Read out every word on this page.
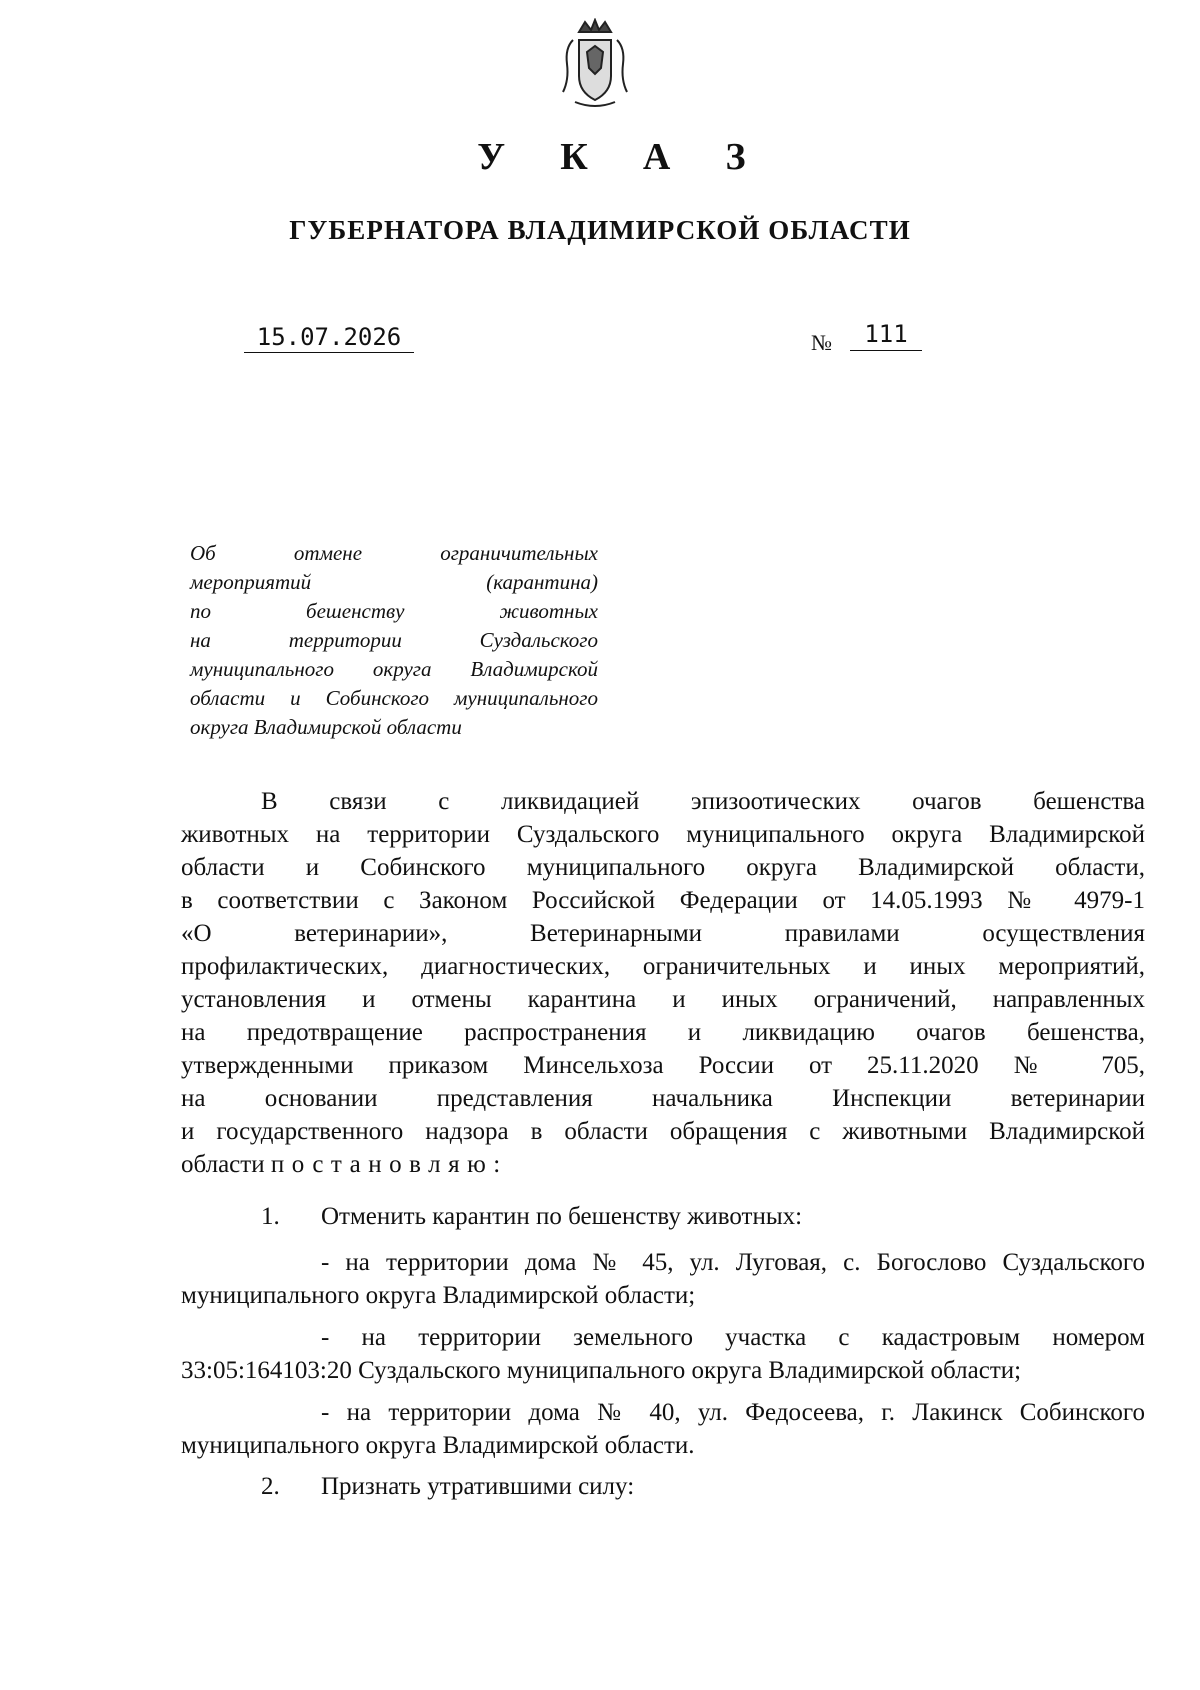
У К А З
ГУБЕРНАТОРА ВЛАДИМИРСКОЙ ОБЛАСТИ
15.07.2026	№	111
Об отмене ограничительных
мероприятий (карантина)
по бешенству животных
на территории Суздальского
муниципального округа Владимирской
области и Собинского муниципального
округа Владимирской области
В связи с ликвидацией эпизоотических очагов бешенства
животных на территории Суздальского муниципального округа Владимирской
области и Собинского муниципального округа Владимирской области,
в соответствии с Законом Российской Федерации от 14.05.1993 № 4979-1
«О ветеринарии», Ветеринарными правилами осуществления
профилактических, диагностических, ограничительных и иных мероприятий,
установления и отмены карантина и иных ограничений, направленных
на предотвращение распространения и ликвидацию очагов бешенства,
утвержденными приказом Минсельхоза России от 25.11.2020 № 705,
на основании представления начальника Инспекции ветеринарии
и государственного надзора в области обращения с животными Владимирской
области постановляю:
1. Отменить карантин по бешенству животных:
- на территории дома № 45, ул. Луговая, с. Богослово Суздальского
муниципального округа Владимирской области;
- на территории земельного участка с кадастровым номером
33:05:164103:20 Суздальского муниципального округа Владимирской области;
- на территории дома № 40, ул. Федосеева, г. Лакинск Собинского
муниципального округа Владимирской области.
2. Признать утратившими силу:
